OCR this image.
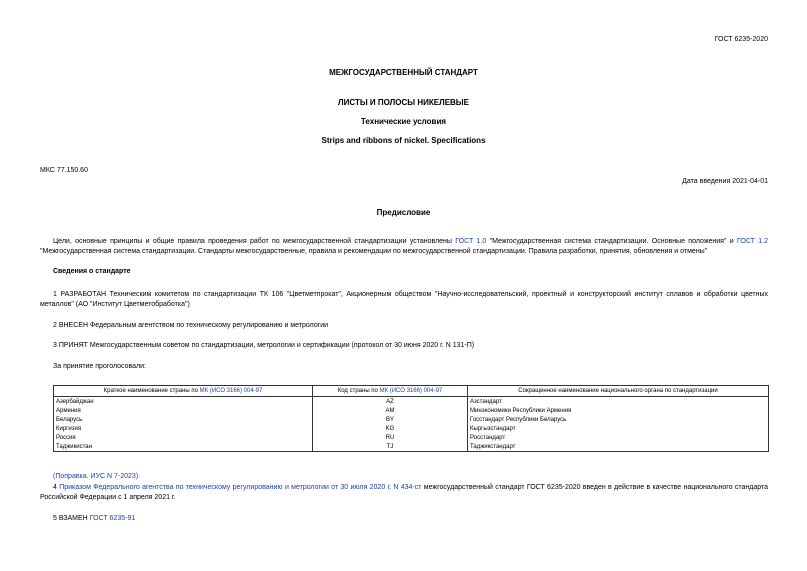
ГОСТ 6235-2020
МЕЖГОСУДАРСТВЕННЫЙ СТАНДАРТ
ЛИСТЫ И ПОЛОСЫ НИКЕЛЕВЫЕ
Технические условия
Strips and ribbons of nickel. Specifications
МКС 77.150.60
Дата введения 2021-04-01
Предисловие
Цели, основные принципы и общие правила проведения работ по межгосударственной стандартизации установлены ГОСТ 1.0 "Межгосударственная система стандартизации. Основные положения" и ГОСТ 1.2 "Межгосударственная система стандартизации. Стандарты межгосударственные, правила и рекомендации по межгосударственной стандартизации. Правила разработки, принятия, обновления и отмены"
Сведения о стандарте
1 РАЗРАБОТАН Техническим комитетом по стандартизации ТК 106 "Цветметпрокат", Акционерным обществом "Научно-исследовательский, проектный и конструкторский институт сплавов и обработки цветных металлов" (АО "Институт Цветметобработка")
2 ВНЕСЕН Федеральным агентством по техническому регулированию и метрологии
3 ПРИНЯТ Межгосударственным советом по стандартизации, метрологии и сертификации (протокол от 30 июня 2020 г. N 131-П)
За принятие проголосовали:
Краткое наименование страны по МК (ИСО 3166) 004-97	Код страны по МК (ИСО 3166) 004-97	Сокращенное наименование национального органа по стандартизации
Азербайджан	AZ	Азстандарт
Армения	AM	Минэкономики Республики Армения
Беларусь	BY	Госстандарт Республики Беларусь
Киргизия	KG	Кыргызстандарт
Россия	RU	Росстандарт
Таджикистан	TJ	Таджикстандарт
(Поправка. ИУС N 7-2023).
4 Приказом Федерального агентства по техническому регулированию и метрологии от 30 июля 2020 г. N 434-ст межгосударственный стандарт ГОСТ 6235-2020 введен в действие в качестве национального стандарта Российской Федерации с 1 апреля 2021 г.
5 ВЗАМЕН ГОСТ 6235-91
